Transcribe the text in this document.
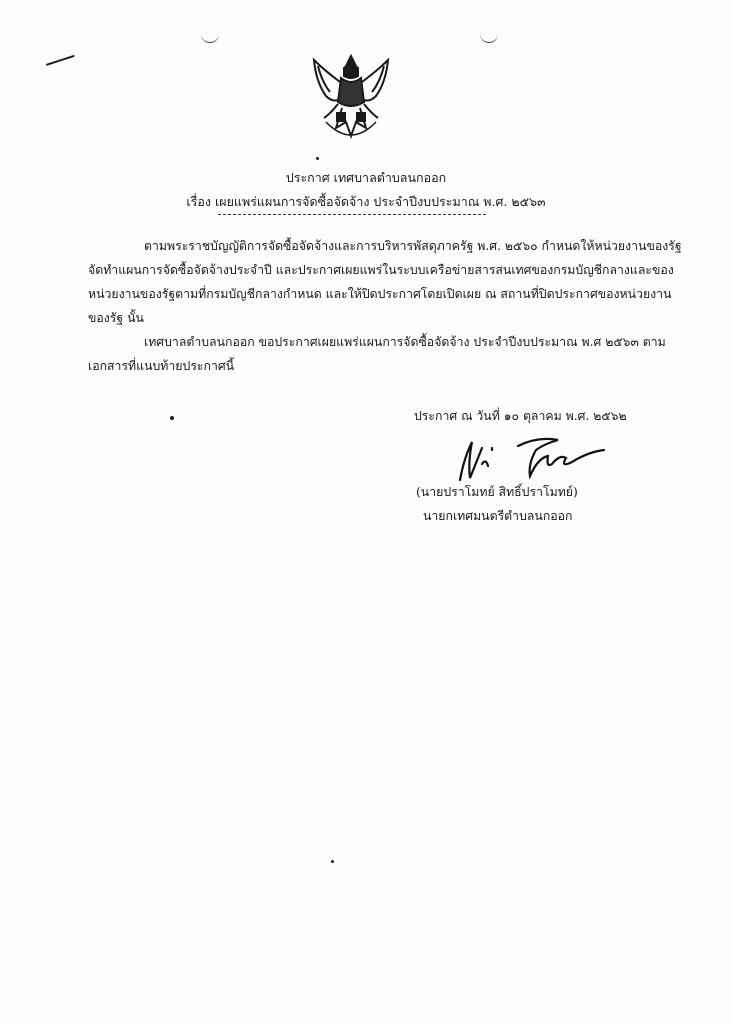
ประกาศ เทศบาลตำบลนกออก
เรื่อง เผยแพร่แผนการจัดซื้อจัดจ้าง ประจำปีงบประมาณ พ.ศ. ๒๕๖๓
ตามพระราชบัญญัติการจัดซื้อจัดจ้างและการบริหารพัสดุภาครัฐ พ.ศ. ๒๕๖๐ กำหนดให้หน่วยงานของรัฐ
จัดทำแผนการจัดซื้อจัดจ้างประจำปี และประกาศเผยแพร่ในระบบเครือข่ายสารสนเทศของกรมบัญชีกลางและของ
หน่วยงานของรัฐตามที่กรมบัญชีกลางกำหนด และให้ปิดประกาศโดยเปิดเผย ณ สถานที่ปิดประกาศของหน่วยงาน
ของรัฐ นั้น
เทศบาลตำบลนกออก ขอประกาศเผยแพร่แผนการจัดซื้อจัดจ้าง ประจำปีงบประมาณ พ.ศ ๒๕๖๓ ตาม
เอกสารที่แนบท้ายประกาศนี้
ประกาศ ณ วันที่ ๑๐ ตุลาคม พ.ศ. ๒๕๖๒
(นายปราโมทย์ สิทธิ์ปราโมทย์)
นายกเทศมนตรีตำบลนกออก
